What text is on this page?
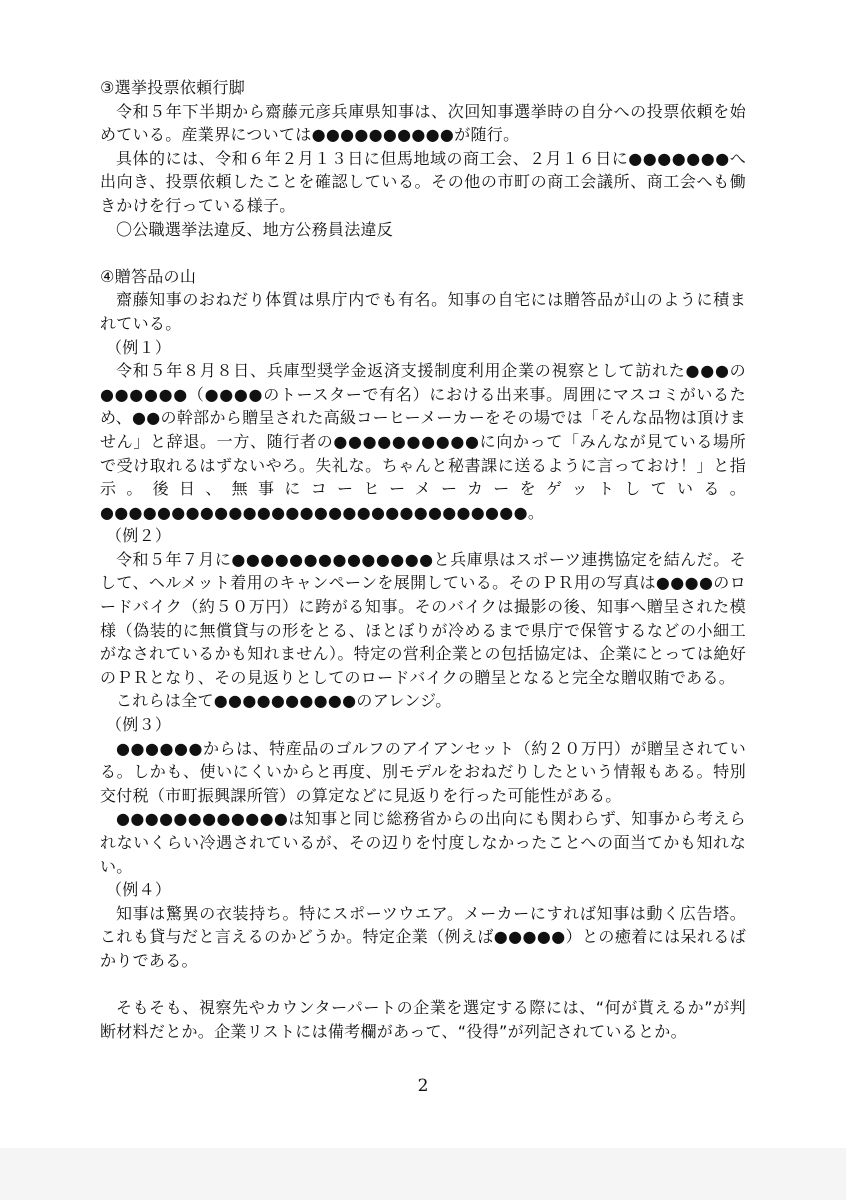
③選挙投票依頼行脚

令和５年下半期から齋藤元彦兵庫県知事は、次回知事選挙時の自分への投票依頼を始めている。産業界については●●●●●●●●●●が随行。

具体的には、令和６年２月１３日に但馬地域の商工会、２月１６日に●●●●●●●へ出向き、投票依頼したことを確認している。その他の市町の商工会議所、商工会へも働きかけを行っている様子。

〇公職選挙法違反、地方公務員法違反

④贈答品の山

齋藤知事のおねだり体質は県庁内でも有名。知事の自宅には贈答品が山のように積まれている。

（例１）

令和５年８月８日、兵庫型奨学金返済支援制度利用企業の視察として訪れた●●●の●●●●●●（●●●●のトースターで有名）における出来事。周囲にマスコミがいるため、●●の幹部から贈呈された高級コーヒーメーカーをその場では「そんな品物は頂けません」と辞退。一方、随行者の●●●●●●●●●●に向かって「みんなが見ている場所で受け取れるはずないやろ。失礼な。ちゃんと秘書課に送るように言っておけ！」と指示。後日、無事にコーヒーメーカーをゲットしている。●●●●●●●●●●●●●●●●●●●●●●●●●●●●●●。

（例２）

令和５年７月に●●●●●●●●●●●●●●と兵庫県はスポーツ連携協定を結んだ。そして、ヘルメット着用のキャンペーンを展開している。そのＰＲ用の写真は●●●●のロードバイク（約５０万円）に跨がる知事。そのバイクは撮影の後、知事へ贈呈された模様（偽装的に無償貸与の形をとる、ほとぼりが冷めるまで県庁で保管するなどの小細工がなされているかも知れません）。特定の営利企業との包括協定は、企業にとっては絶好のＰＲとなり、その見返りとしてのロードバイクの贈呈となると完全な贈収賄である。

これらは全て●●●●●●●●●●のアレンジ。

（例３）

●●●●●●からは、特産品のゴルフのアイアンセット（約２０万円）が贈呈されている。しかも、使いにくいからと再度、別モデルをおねだりしたという情報もある。特別交付税（市町振興課所管）の算定などに見返りを行った可能性がある。

●●●●●●●●●●●●は知事と同じ総務省からの出向にも関わらず、知事から考えられないくらい冷遇されているが、その辺りを忖度しなかったことへの面当てかも知れない。

（例４）

知事は驚異の衣装持ち。特にスポーツウエア。メーカーにすれば知事は動く広告塔。これも貸与だと言えるのかどうか。特定企業（例えば●●●●●）との癒着には呆れるばかりである。

そもそも、視察先やカウンターパートの企業を選定する際には、“何が貰えるか”が判断材料だとか。企業リストには備考欄があって、“役得”が列記されているとか。

2
